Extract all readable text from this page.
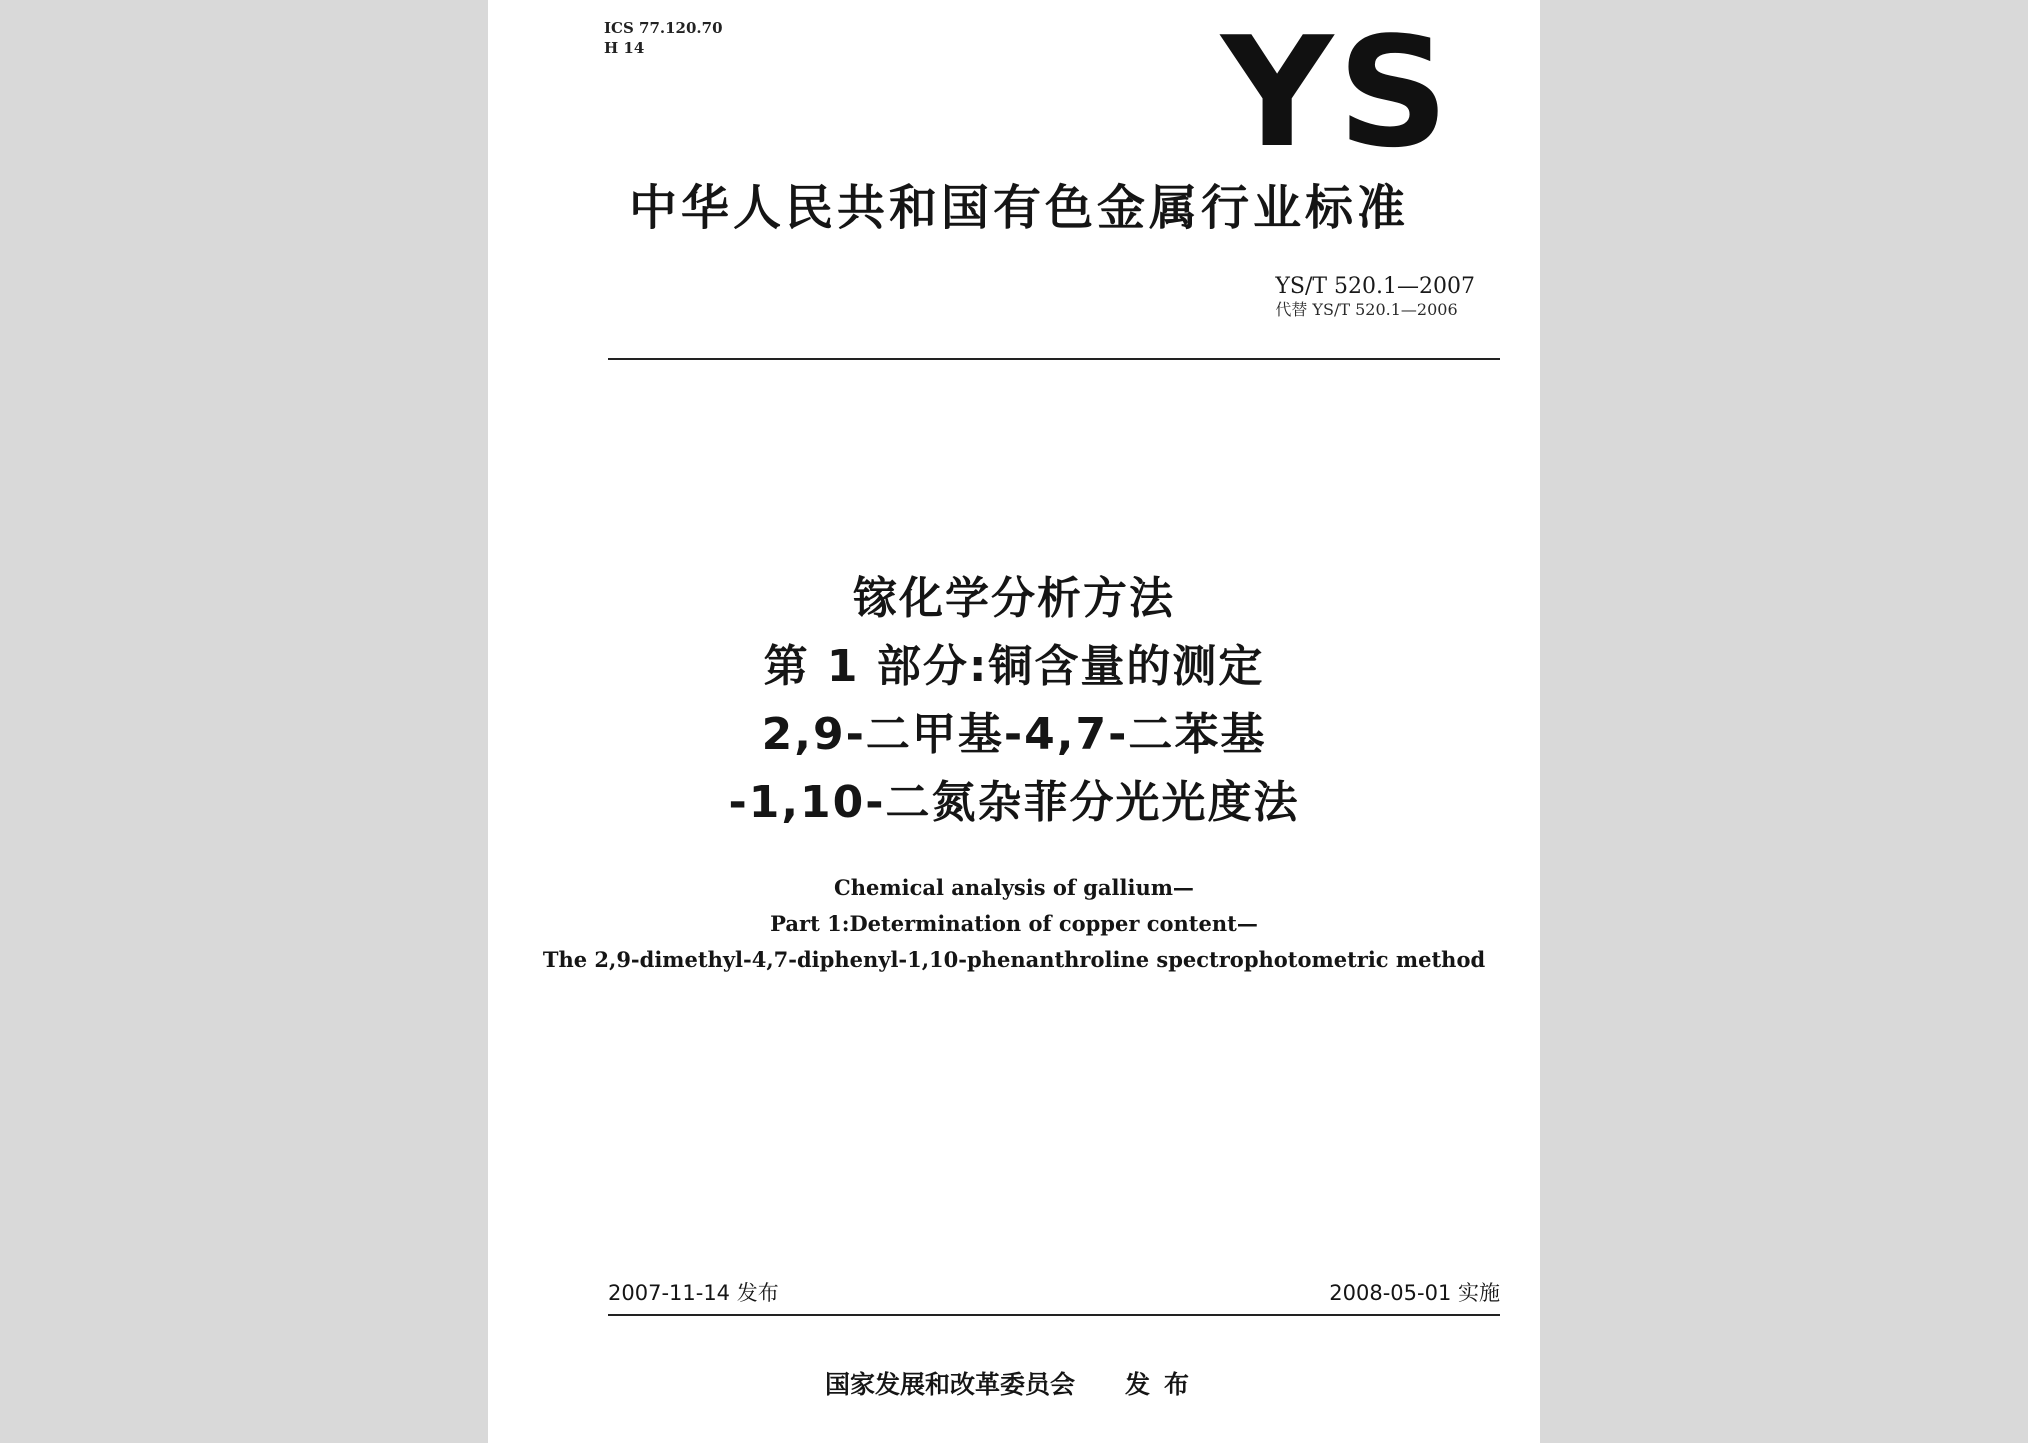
ICS 77.120.70
H 14	YS
中华人民共和国有色金属行业标准
YS/T 520.1—2007
代替 YS/T 520.1—2006
镓化学分析方法
第 1 部分:铜含量的测定
2,9-二甲基-4,7-二苯基
-1,10-二氮杂菲分光光度法
Chemical analysis of gallium—
Part 1:Determination of copper content—
The 2,9-dimethyl-4,7-diphenyl-1,10-phenanthroline spectrophotometric method
2007-11-14 发布	2008-05-01 实施
国家发展和改革委员会 发布
